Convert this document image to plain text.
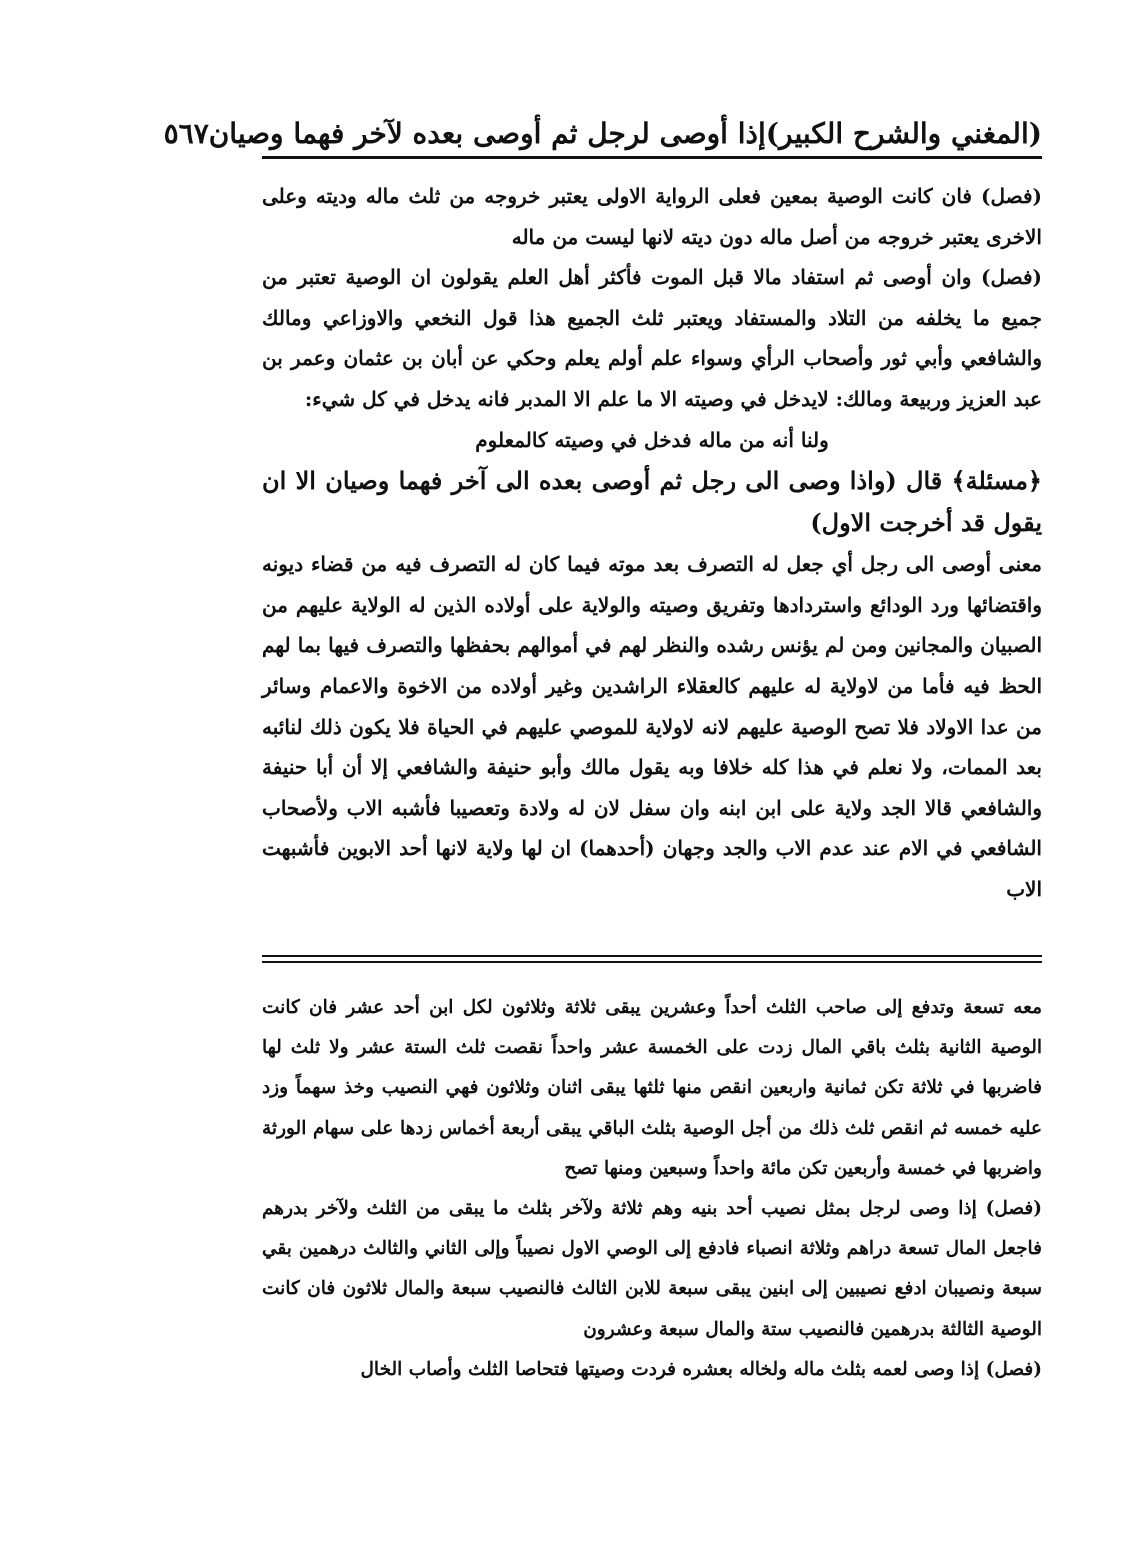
(المغني والشرح الكبير)
إذا أوصى لرجل ثم أوصى بعده لآخر فهما وصيان
٥٦٧

(فصل) فان كانت الوصية بمعين فعلى الرواية الاولى يعتبر خروجه من ثلث ماله وديته وعلى الاخرى يعتبر خروجه من أصل ماله دون ديته لانها ليست من ماله

(فصل) وان أوصى ثم استفاد مالا قبل الموت فأكثر أهل العلم يقولون ان الوصية تعتبر من جميع ما يخلفه من التلاد والمستفاد ويعتبر ثلث الجميع هذا قول النخعي والاوزاعي ومالك والشافعي وأبي ثور وأصحاب الرأي وسواء علم أولم يعلم وحكي عن أبان بن عثمان وعمر بن عبد العزيز وربيعة ومالك: لايدخل في وصيته الا ما علم الا المدبر فانه يدخل في كل شيء:

ولنا أنه من ماله فدخل في وصيته كالمعلوم

﴿مسئلة﴾ قال (واذا وصى الى رجل ثم أوصى بعده الى آخر فهما وصيان الا ان يقول قد أخرجت الاول)

معنى أوصى الى رجل أي جعل له التصرف بعد موته فيما كان له التصرف فيه من قضاء ديونه واقتضائها ورد الودائع واستردادها وتفريق وصيته والولاية على أولاده الذين له الولاية عليهم من الصبيان والمجانين ومن لم يؤنس رشده والنظر لهم في أموالهم بحفظها والتصرف فيها بما لهم الحظ فيه فأما من لاولاية له عليهم كالعقلاء الراشدين وغير أولاده من الاخوة والاعمام وسائر من عدا الاولاد فلا تصح الوصية عليهم لانه لاولاية للموصي عليهم في الحياة فلا يكون ذلك لنائبه بعد الممات، ولا نعلم في هذا كله خلافا وبه يقول مالك وأبو حنيفة والشافعي إلا أن أبا حنيفة والشافعي قالا الجد ولاية على ابن ابنه وان سفل لان له ولادة وتعصيبا فأشبه الاب ولأصحاب الشافعي في الام عند عدم الاب والجد وجهان (أحدهما) ان لها ولاية لانها أحد الابوين فأشبهت الاب

معه تسعة وتدفع إلى صاحب الثلث أحداً وعشرين يبقى ثلاثة وثلاثون لكل ابن أحد عشر فان كانت الوصية الثانية بثلث باقي المال زدت على الخمسة عشر واحداً نقصت ثلث الستة عشر ولا ثلث لها فاضربها في ثلاثة تكن ثمانية واربعين انقص منها ثلثها يبقى اثنان وثلاثون فهي النصيب وخذ سهماً وزد عليه خمسه ثم انقص ثلث ذلك من أجل الوصية بثلث الباقي يبقى أربعة أخماس زدها على سهام الورثة واضربها في خمسة وأربعين تكن مائة واحداً وسبعين ومنها تصح

(فصل) إذا وصى لرجل بمثل نصيب أحد بنيه وهم ثلاثة ولآخر بثلث ما يبقى من الثلث ولآخر بدرهم فاجعل المال تسعة دراهم وثلاثة انصباء فادفع إلى الوصي الاول نصيباً وإلى الثاني والثالث درهمين بقي سبعة ونصيبان ادفع نصيبين إلى ابنين يبقى سبعة للابن الثالث فالنصيب سبعة والمال ثلاثون فان كانت الوصية الثالثة بدرهمين فالنصيب ستة والمال سبعة وعشرون

(فصل) إذا وصى لعمه بثلث ماله ولخاله بعشره فردت وصيتها فتحاصا الثلث وأصاب الخال
